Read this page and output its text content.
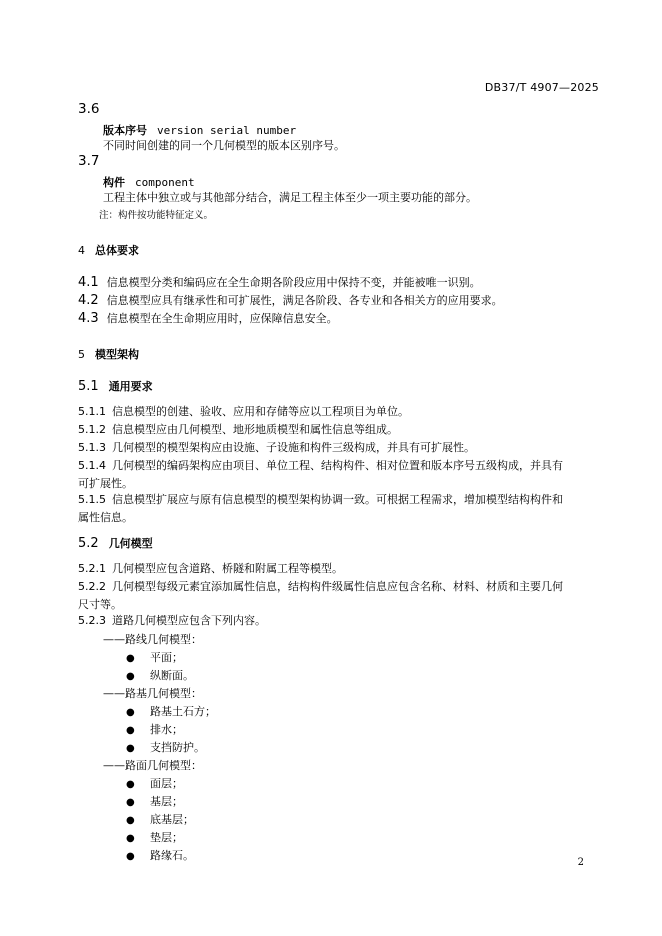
DB37/T 4907—2025
3.6
版本序号 version serial number
不同时间创建的同一个几何模型的版本区别序号。
3.7
构件 component
工程主体中独立或与其他部分结合，满足工程主体至少一项主要功能的部分。
注：构件按功能特征定义。
4 总体要求
4.1 信息模型分类和编码应在全生命期各阶段应用中保持不变，并能被唯一识别。
4.2 信息模型应具有继承性和可扩展性，满足各阶段、各专业和各相关方的应用要求。
4.3 信息模型在全生命期应用时，应保障信息安全。
5 模型架构
5.1 通用要求
5.1.1 信息模型的创建、验收、应用和存储等应以工程项目为单位。
5.1.2 信息模型应由几何模型、地形地质模型和属性信息等组成。
5.1.3 几何模型的模型架构应由设施、子设施和构件三级构成，并具有可扩展性。
5.1.4 几何模型的编码架构应由项目、单位工程、结构构件、相对位置和版本序号五级构成，并具有
可扩展性。
5.1.5 信息模型扩展应与原有信息模型的模型架构协调一致。可根据工程需求，增加模型结构构件和
属性信息。
5.2 几何模型
5.2.1 几何模型应包含道路、桥隧和附属工程等模型。
5.2.2 几何模型每级元素宜添加属性信息，结构构件级属性信息应包含名称、材料、材质和主要几何
尺寸等。
5.2.3 道路几何模型应包含下列内容。
——路线几何模型：
● 平面；
● 纵断面。
——路基几何模型：
● 路基土石方；
● 排水；
● 支挡防护。
——路面几何模型：
● 面层；
● 基层；
● 底基层；
● 垫层；
● 路缘石。
2
